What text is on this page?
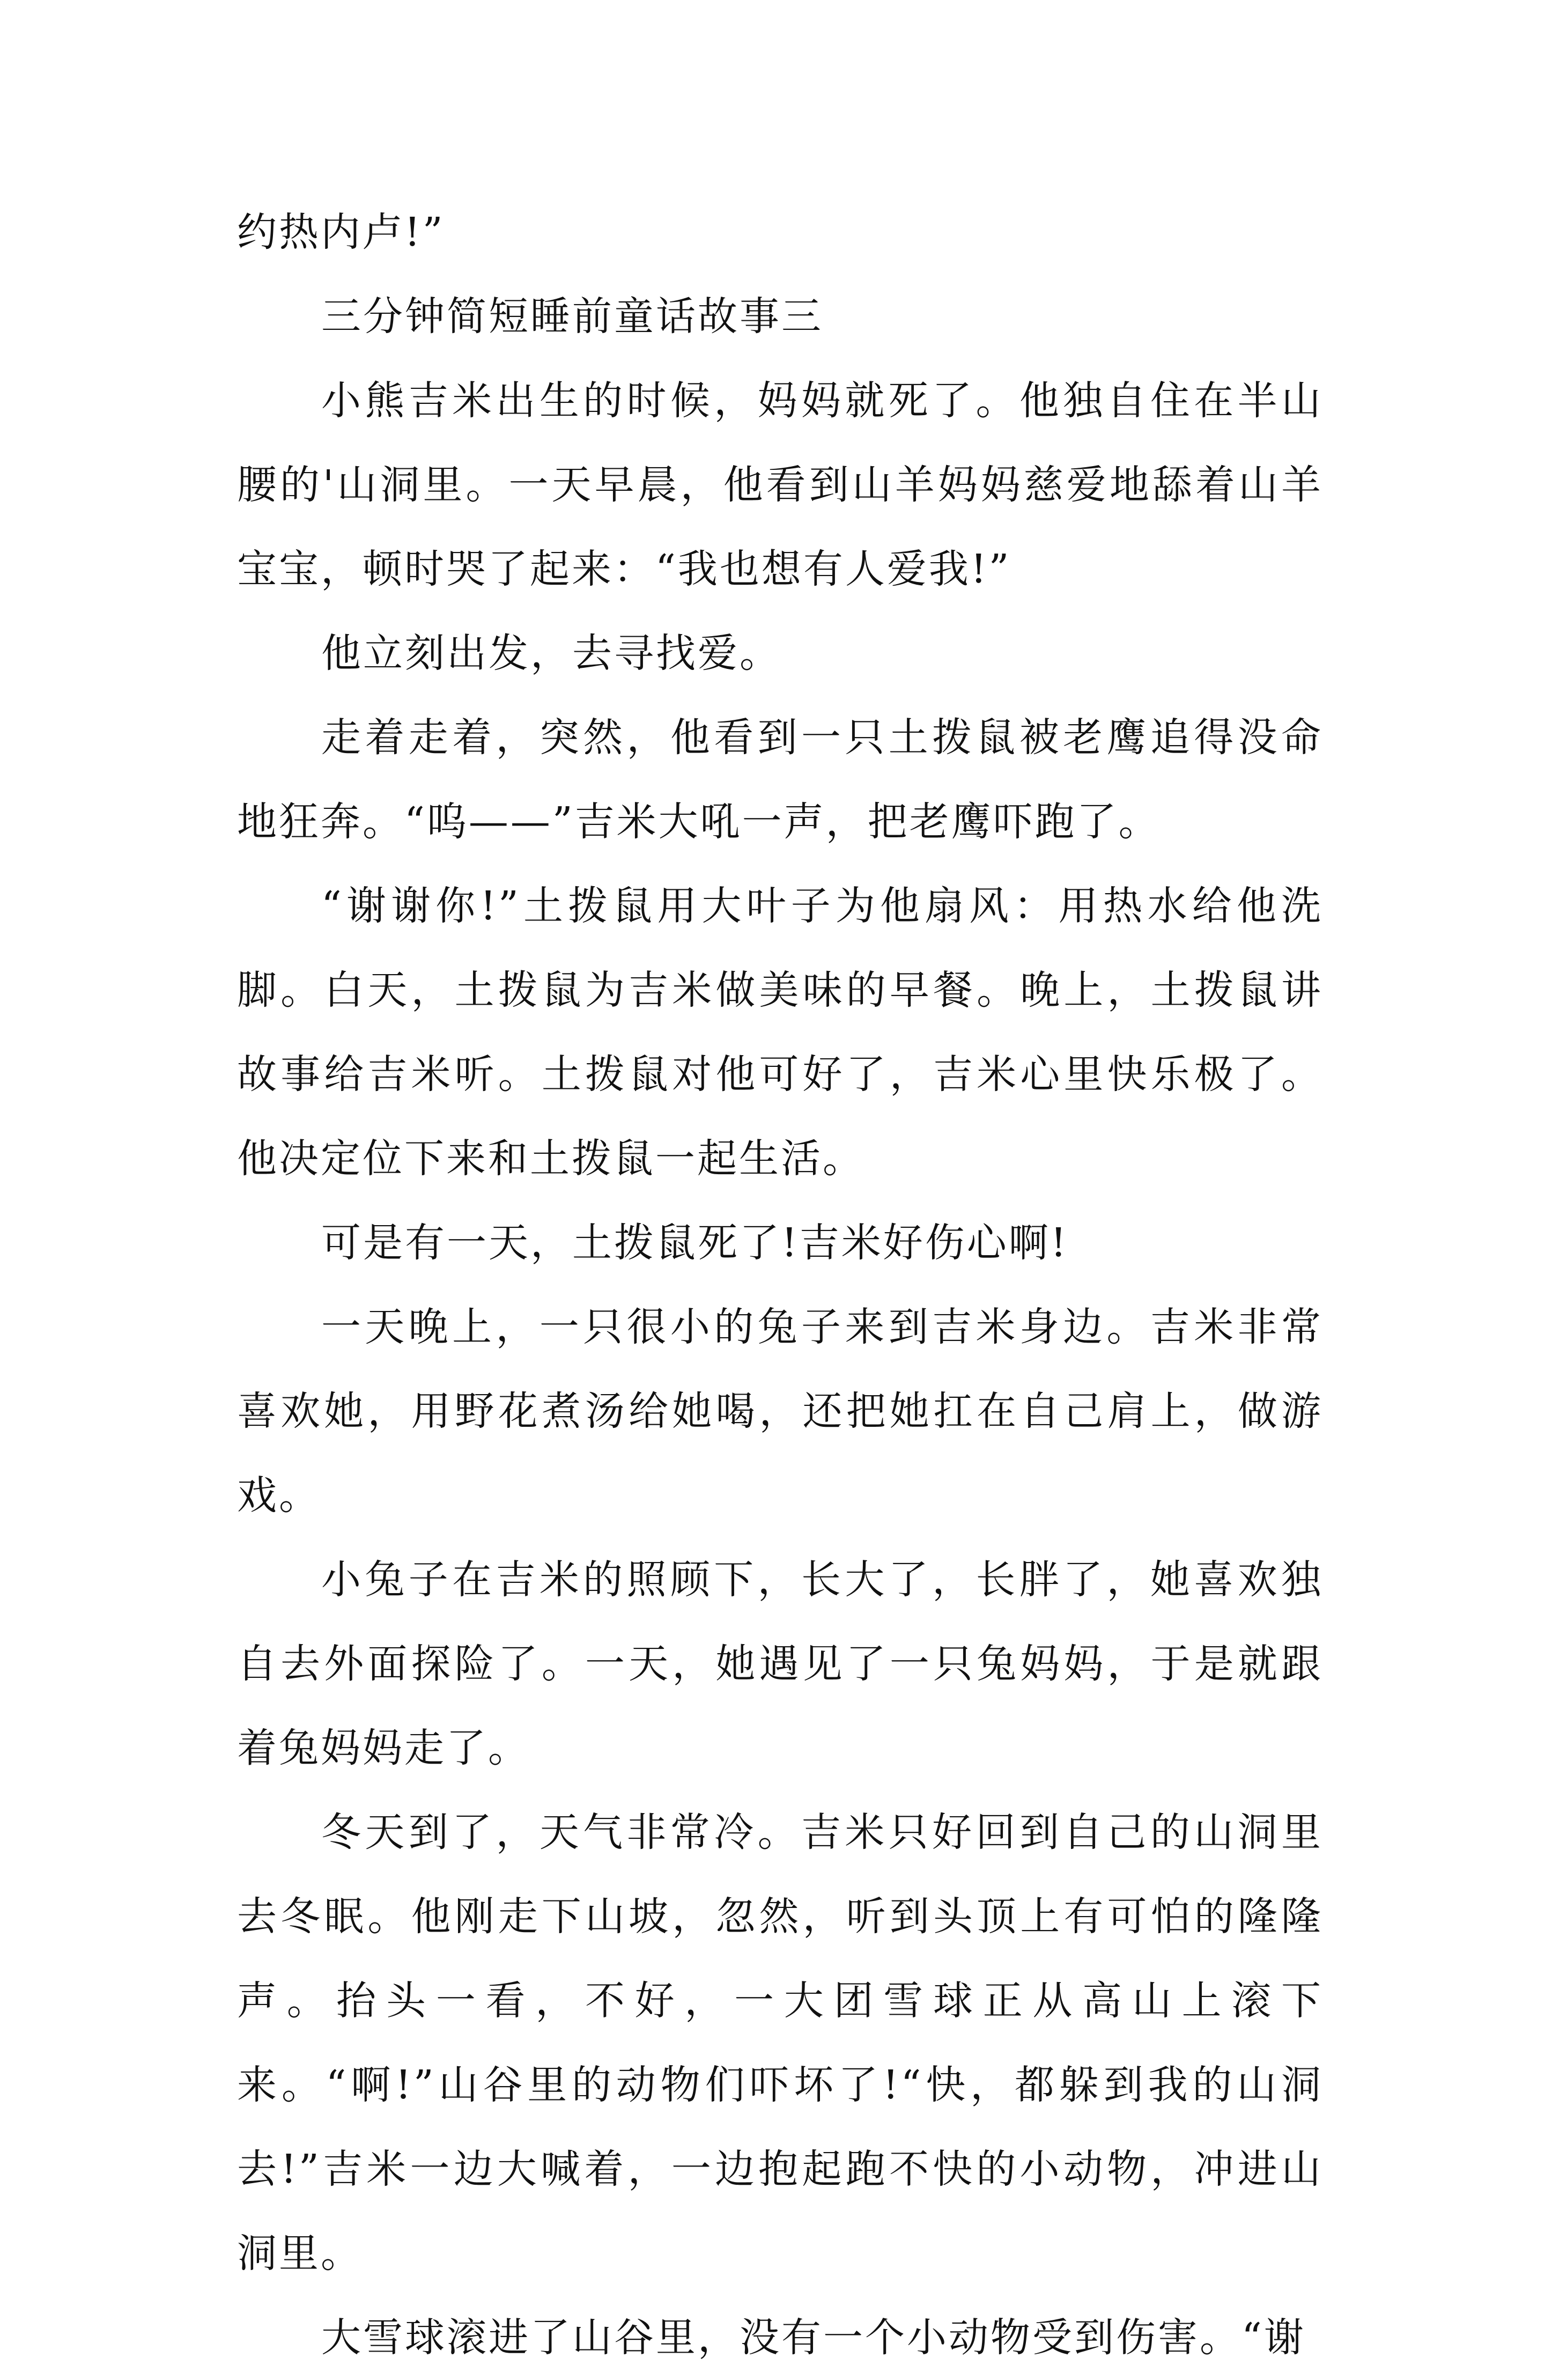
约热内卢!”

三分钟简短睡前童话故事三

小熊吉米出生的时候，妈妈就死了。他独自住在半山腰的'山洞里。一天早晨，他看到山羊妈妈慈爱地舔着山羊宝宝，顿时哭了起来：“我也想有人爱我!”

他立刻出发，去寻找爱。

走着走着，突然，他看到一只土拨鼠被老鹰追得没命地狂奔。“呜——”吉米大吼一声，把老鹰吓跑了。

“谢谢你!”土拨鼠用大叶子为他扇风：用热水给他洗脚。白天，土拨鼠为吉米做美味的早餐。晚上，土拨鼠讲故事给吉米听。土拨鼠对他可好了，吉米心里快乐极了。他决定位下来和土拨鼠一起生活。

可是有一天，土拨鼠死了!吉米好伤心啊!

一天晚上，一只很小的兔子来到吉米身边。吉米非常喜欢她，用野花煮汤给她喝，还把她扛在自己肩上，做游戏。

小兔子在吉米的照顾下，长大了，长胖了，她喜欢独自去外面探险了。一天，她遇见了一只兔妈妈，于是就跟着兔妈妈走了。

冬天到了，天气非常冷。吉米只好回到自己的山洞里去冬眠。他刚走下山坡，忽然，听到头顶上有可怕的隆隆声。抬头一看，不好，一大团雪球正从高山上滚下来。“啊!”山谷里的动物们吓坏了!“快，都躲到我的山洞去!”吉米一边大喊着，一边抱起跑不快的小动物，冲进山洞里。

大雪球滚进了山谷里，没有一个小动物受到伤害。“谢
